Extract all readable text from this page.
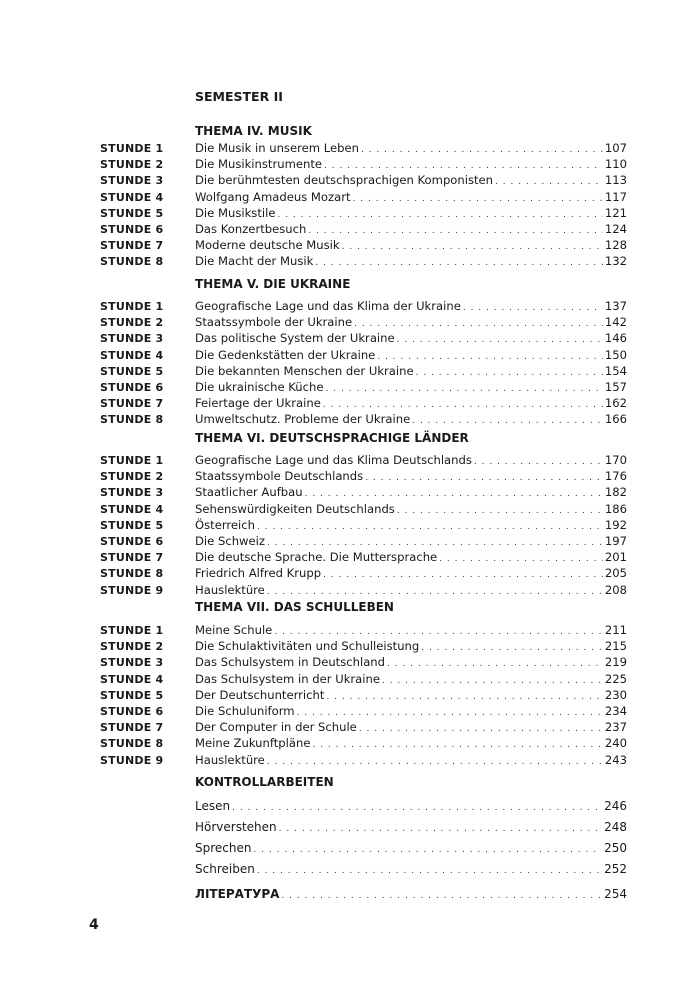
SEMESTER II
THEMA IV. MUSIK
STUNDE 1	Die Musik in unserem Leben . . .	107
STUNDE 2	Die Musikinstrumente . . .	110
STUNDE 3	Die berühmtesten deutschsprachigen Komponisten . . .	113
STUNDE 4	Wolfgang Amadeus Mozart . . .	117
STUNDE 5	Die Musikstile . . .	121
STUNDE 6	Das Konzertbesuch . . .	124
STUNDE 7	Moderne deutsche Musik . . .	128
STUNDE 8	Die Macht der Musik . . .	132
THEMA V. DIE UKRAINE
STUNDE 1	Geografische Lage und das Klima der Ukraine . . .	137
STUNDE 2	Staatssymbole der Ukraine . . .	142
STUNDE 3	Das politische System der Ukraine . . .	146
STUNDE 4	Die Gedenkstätten der Ukraine . . .	150
STUNDE 5	Die bekannten Menschen der Ukraine . . .	154
STUNDE 6	Die ukrainische Küche . . .	157
STUNDE 7	Feiertage der Ukraine . . .	162
STUNDE 8	Umweltschutz. Probleme der Ukraine . . .	166
THEMA VI. DEUTSCHSPRACHIGE LÄNDER
STUNDE 1	Geografische Lage und das Klima Deutschlands . . .	170
STUNDE 2	Staatssymbole Deutschlands . . .	176
STUNDE 3	Staatlicher Aufbau . . .	182
STUNDE 4	Sehenswürdigkeiten Deutschlands . . .	186
STUNDE 5	Österreich . . .	192
STUNDE 6	Die Schweiz . . .	197
STUNDE 7	Die deutsche Sprache. Die Muttersprache . . .	201
STUNDE 8	Friedrich Alfred Krupp . . .	205
STUNDE 9	Hauslektüre . . .	208
THEMA VII. DAS SCHULLEBEN
STUNDE 1	Meine Schule . . .	211
STUNDE 2	Die Schulaktivitäten und Schulleistung . . .	215
STUNDE 3	Das Schulsystem in Deutschland . . .	219
STUNDE 4	Das Schulsystem in der Ukraine . . .	225
STUNDE 5	Der Deutschunterricht . . .	230
STUNDE 6	Die Schuluniform . . .	234
STUNDE 7	Der Computer in der Schule . . .	237
STUNDE 8	Meine Zukunftpläne . . .	240
STUNDE 9	Hauslektüre . . .	243
KONTROLLARBEITEN
Lesen . . .	246
Hörverstehen . . .	248
Sprechen . . .	250
Schreiben . . .	252
ЛІТЕРАТУРА . . .	254
4
